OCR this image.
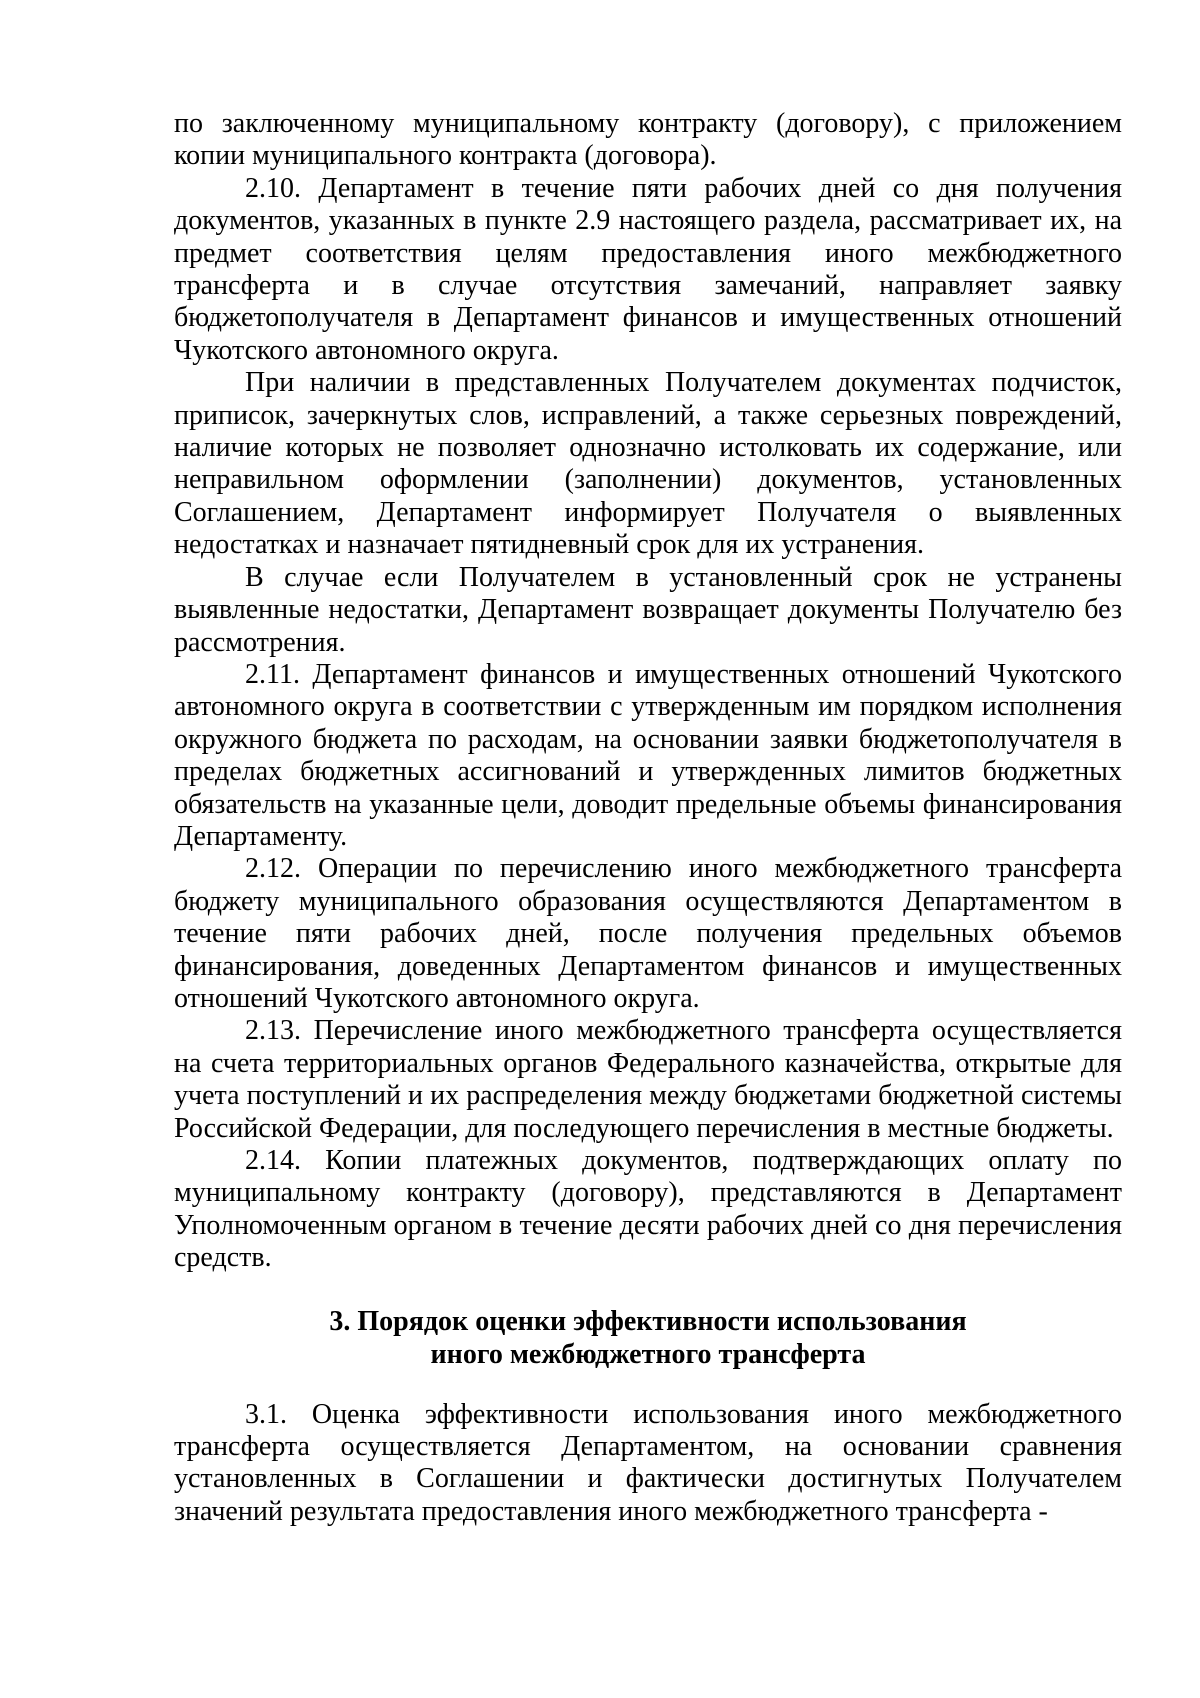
по заключенному муниципальному контракту (договору), с приложением копии муниципального контракта (договора).

2.10. Департамент в течение пяти рабочих дней со дня получения документов, указанных в пункте 2.9 настоящего раздела, рассматривает их, на предмет соответствия целям предоставления иного межбюджетного трансферта и в случае отсутствия замечаний, направляет заявку бюджетополучателя в Департамент финансов и имущественных отношений Чукотского автономного округа.

При наличии в представленных Получателем документах подчисток, приписок, зачеркнутых слов, исправлений, а также серьезных повреждений, наличие которых не позволяет однозначно истолковать их содержание, или неправильном оформлении (заполнении) документов, установленных Соглашением, Департамент информирует Получателя о выявленных недостатках и назначает пятидневный срок для их устранения.

В случае если Получателем в установленный срок не устранены выявленные недостатки, Департамент возвращает документы Получателю без рассмотрения.

2.11. Департамент финансов и имущественных отношений Чукотского автономного округа в соответствии с утвержденным им порядком исполнения окружного бюджета по расходам, на основании заявки бюджетополучателя в пределах бюджетных ассигнований и утвержденных лимитов бюджетных обязательств на указанные цели, доводит предельные объемы финансирования Департаменту.

2.12. Операции по перечислению иного межбюджетного трансферта бюджету муниципального образования осуществляются Департаментом в течение пяти рабочих дней, после получения предельных объемов финансирования, доведенных Департаментом финансов и имущественных отношений Чукотского автономного округа.

2.13. Перечисление иного межбюджетного трансферта осуществляется на счета территориальных органов Федерального казначейства, открытые для учета поступлений и их распределения между бюджетами бюджетной системы Российской Федерации, для последующего перечисления в местные бюджеты.

2.14. Копии платежных документов, подтверждающих оплату по муниципальному контракту (договору), представляются в Департамент Уполномоченным органом в течение десяти рабочих дней со дня перечисления средств.

3. Порядок оценки эффективности использования
иного межбюджетного трансферта

3.1. Оценка эффективности использования иного межбюджетного трансферта осуществляется Департаментом, на основании сравнения установленных в Соглашении и фактически достигнутых Получателем значений результата предоставления иного межбюджетного трансферта -
